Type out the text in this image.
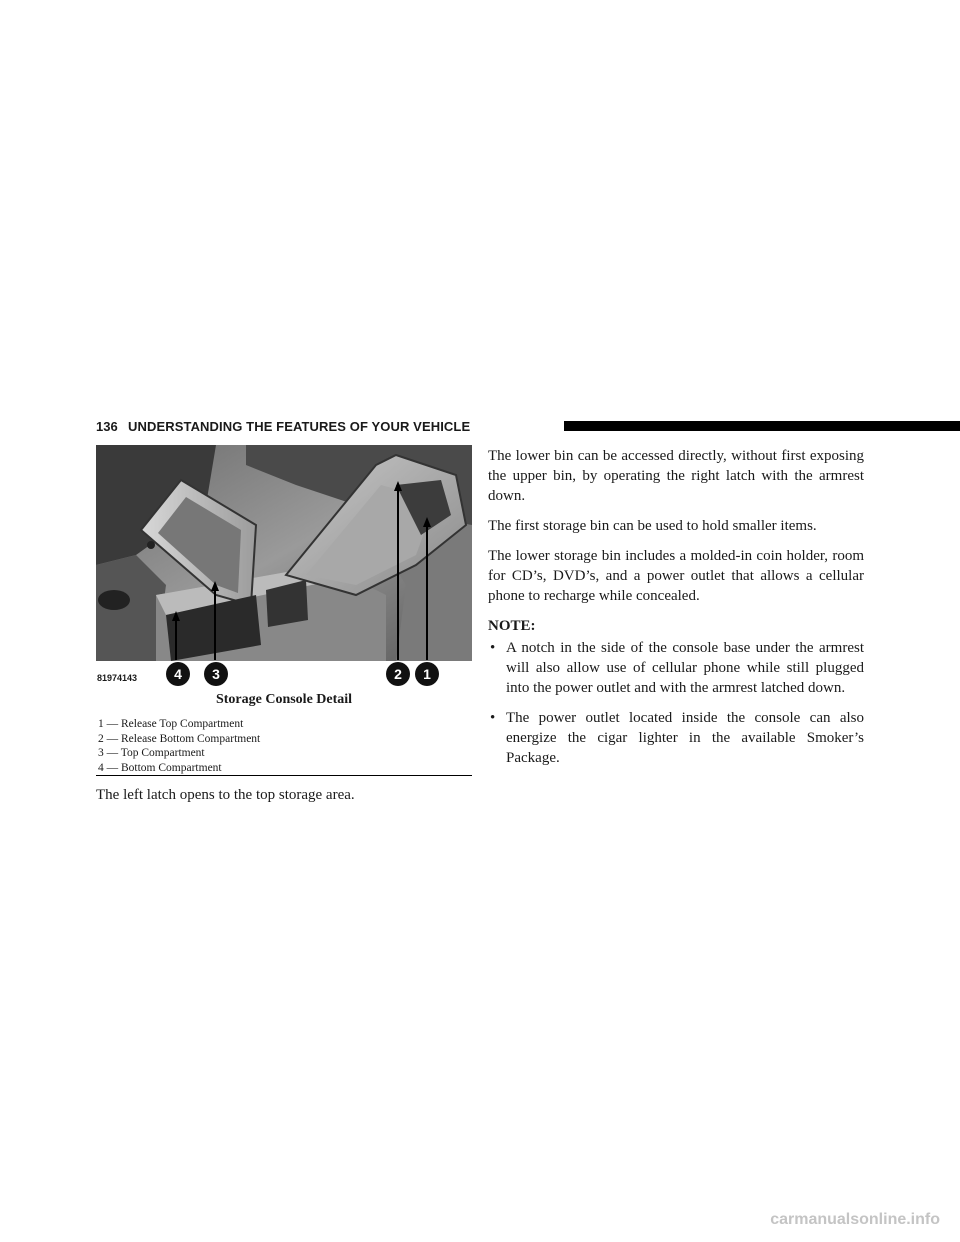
136 UNDERSTANDING THE FEATURES OF YOUR VEHICLE
4 3	2 1
81974143
Storage Console Detail
1 — Release Top Compartment
2 — Release Bottom Compartment
3 — Top Compartment
4 — Bottom Compartment
The left latch opens to the top storage area.

The lower bin can be accessed directly, without first exposing the upper bin, by operating the right latch with the armrest down.

The first storage bin can be used to hold smaller items.

The lower storage bin includes a molded-in coin holder, room for CD’s, DVD’s, and a power outlet that allows a cellular phone to recharge while concealed.

NOTE:
• A notch in the side of the console base under the armrest will also allow use of cellular phone while still plugged into the power outlet and with the armrest latched down.
• The power outlet located inside the console can also energize the cigar lighter in the available Smoker’s Package.
carmanualsonline.info
